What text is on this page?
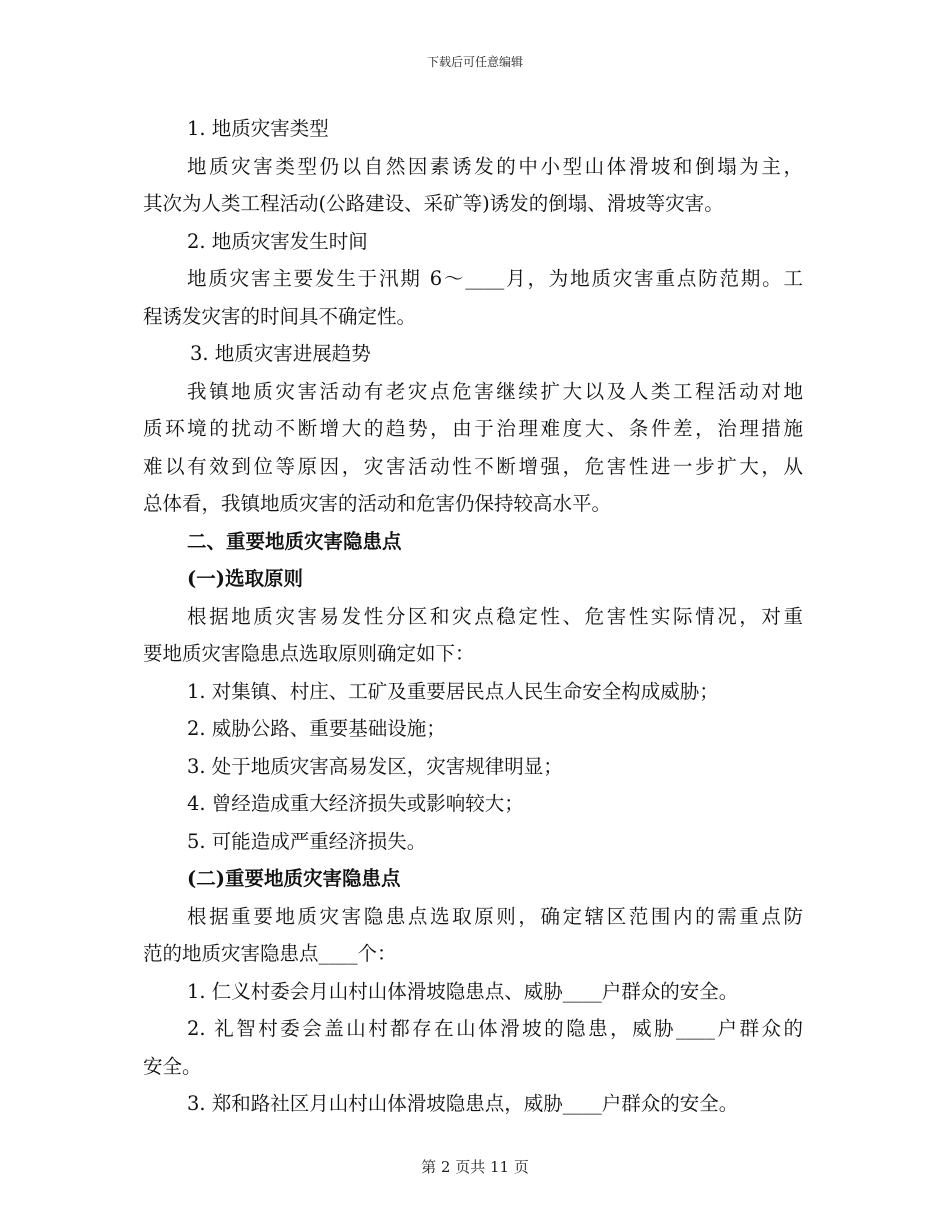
下载后可任意编辑
1. 地质灾害类型
地质灾害类型仍以自然因素诱发的中小型山体滑坡和倒塌为主，
其次为人类工程活动(公路建设、采矿等)诱发的倒塌、滑坡等灾害。
2. 地质灾害发生时间
地质灾害主要发生于汛期 6～____月，为地质灾害重点防范期。工
程诱发灾害的时间具不确定性。
3. 地质灾害进展趋势
我镇地质灾害活动有老灾点危害继续扩大以及人类工程活动对地
质环境的扰动不断增大的趋势，由于治理难度大、条件差，治理措施
难以有效到位等原因，灾害活动性不断增强，危害性进一步扩大，从
总体看，我镇地质灾害的活动和危害仍保持较高水平。
二、重要地质灾害隐患点
(一)选取原则
根据地质灾害易发性分区和灾点稳定性、危害性实际情况，对重
要地质灾害隐患点选取原则确定如下：
1. 对集镇、村庄、工矿及重要居民点人民生命安全构成威胁；
2. 威胁公路、重要基础设施；
3. 处于地质灾害高易发区，灾害规律明显；
4. 曾经造成重大经济损失或影响较大；
5. 可能造成严重经济损失。
(二)重要地质灾害隐患点
根据重要地质灾害隐患点选取原则，确定辖区范围内的需重点防
范的地质灾害隐患点____个：
1. 仁义村委会月山村山体滑坡隐患点、威胁____户群众的安全。
2. 礼智村委会盖山村都存在山体滑坡的隐患，威胁____户群众的
安全。
3. 郑和路社区月山村山体滑坡隐患点，威胁____户群众的安全。
第 2 页共 11 页
